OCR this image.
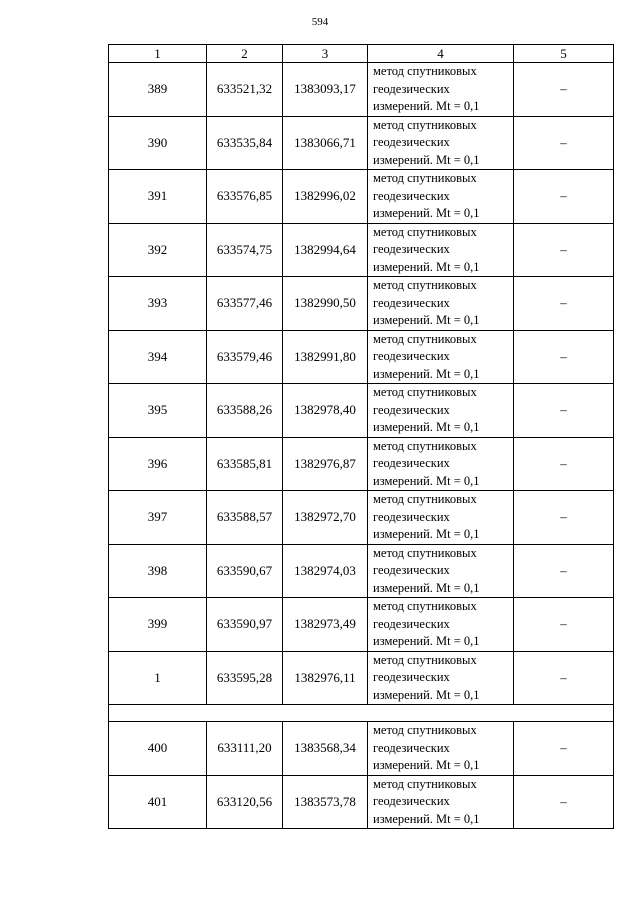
594
1	2	3	4	5
389	633521,32	1383093,17	метод спутниковых
геодезических
измерений. Mt = 0,1	–
390	633535,84	1383066,71	метод спутниковых
геодезических
измерений. Mt = 0,1	–
391	633576,85	1382996,02	метод спутниковых
геодезических
измерений. Mt = 0,1	–
392	633574,75	1382994,64	метод спутниковых
геодезических
измерений. Mt = 0,1	–
393	633577,46	1382990,50	метод спутниковых
геодезических
измерений. Mt = 0,1	–
394	633579,46	1382991,80	метод спутниковых
геодезических
измерений. Mt = 0,1	–
395	633588,26	1382978,40	метод спутниковых
геодезических
измерений. Mt = 0,1	–
396	633585,81	1382976,87	метод спутниковых
геодезических
измерений. Mt = 0,1	–
397	633588,57	1382972,70	метод спутниковых
геодезических
измерений. Mt = 0,1	–
398	633590,67	1382974,03	метод спутниковых
геодезических
измерений. Mt = 0,1	–
399	633590,97	1382973,49	метод спутниковых
геодезических
измерений. Mt = 0,1	–
1	633595,28	1382976,11	метод спутниковых
геодезических
измерений. Mt = 0,1	–

400	633111,20	1383568,34	метод спутниковых
геодезических
измерений. Mt = 0,1	–
401	633120,56	1383573,78	метод спутниковых
геодезических
измерений. Mt = 0,1	–
